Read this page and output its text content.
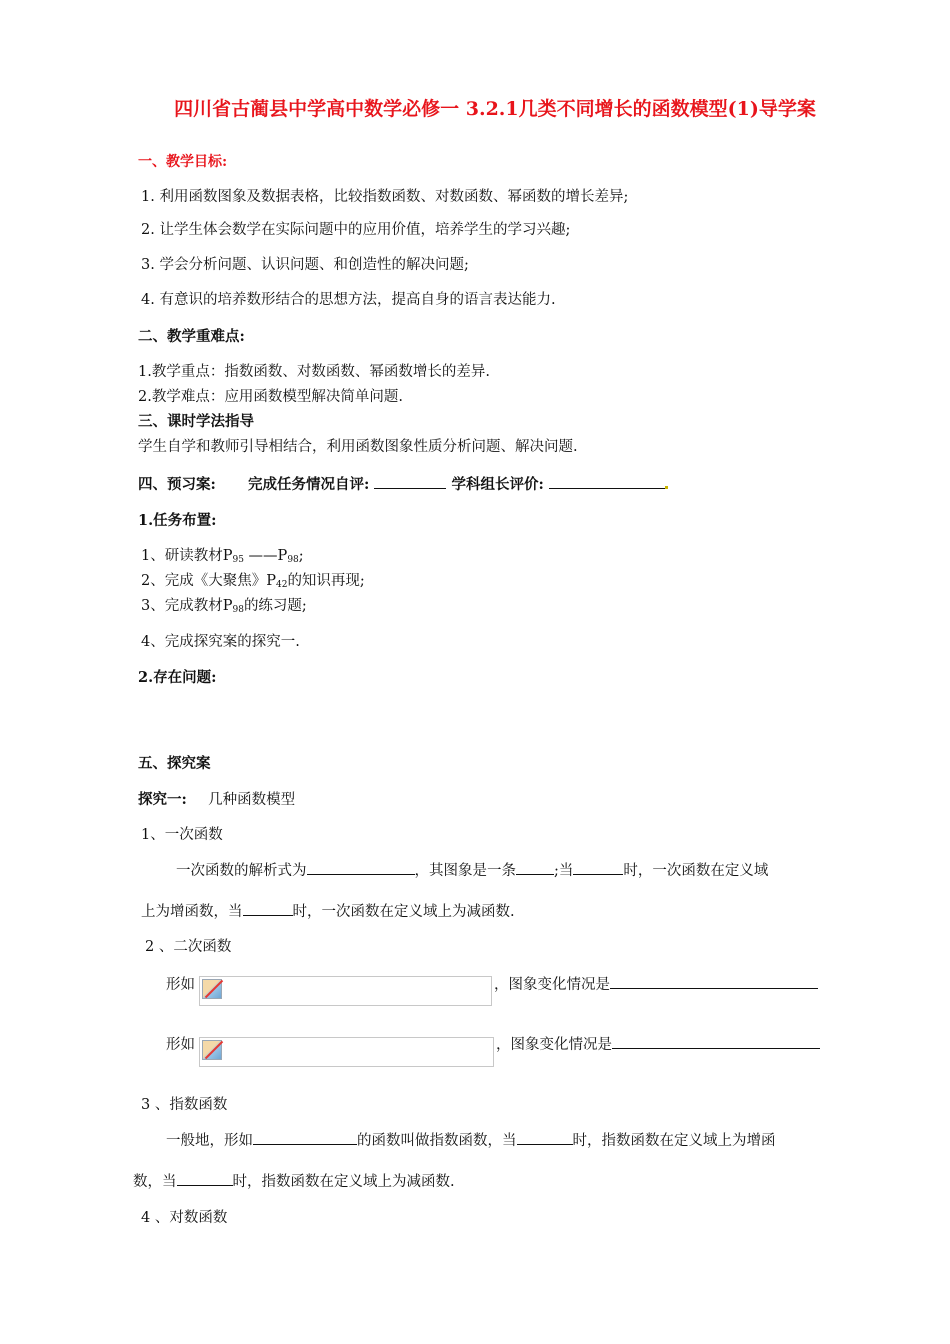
四川省古蔺县中学高中数学必修一 3.2.1几类不同增长的函数模型(1)导学案
一、教学目标:
1. 利用函数图象及数据表格，比较指数函数、对数函数、幂函数的增长差异;
2. 让学生体会数学在实际问题中的应用价值，培养学生的学习兴趣;
3. 学会分析问题、认识问题、和创造性的解决问题;
4. 有意识的培养数形结合的思想方法，提高自身的语言表达能力.
二、教学重难点:
1.教学重点：指数函数、对数函数、幂函数增长的差异.
2.教学难点：应用函数模型解决简单问题.
三、课时学法指导
学生自学和教师引导相结合，利用函数图象性质分析问题、解决问题.
四、预习案: 完成任务情况自评:	学科组长评价:
1.任务布置:
1、研读教材$P_{95}$ $——P_{98}$;
2、完成《大聚焦》$P_{42}$的知识再现;
3、完成教材$P_{98}$的练习题;
4、完成探究案的探究一.
2.存在问题:
五、探究案
探究一: 几种函数模型
1、一次函数
一次函数的解析式为	，其图象是一条	;当	时，一次函数在定义域
上为增函数，当	时，一次函数在定义域上为减函数.
2 、二次函数
形如	，图象变化情况是
形如	，图象变化情况是
3 、指数函数
一般地，形如	的函数叫做指数函数，当	时，指数函数在定义域上为增函
数，当	时，指数函数在定义域上为减函数.
4 、对数函数
